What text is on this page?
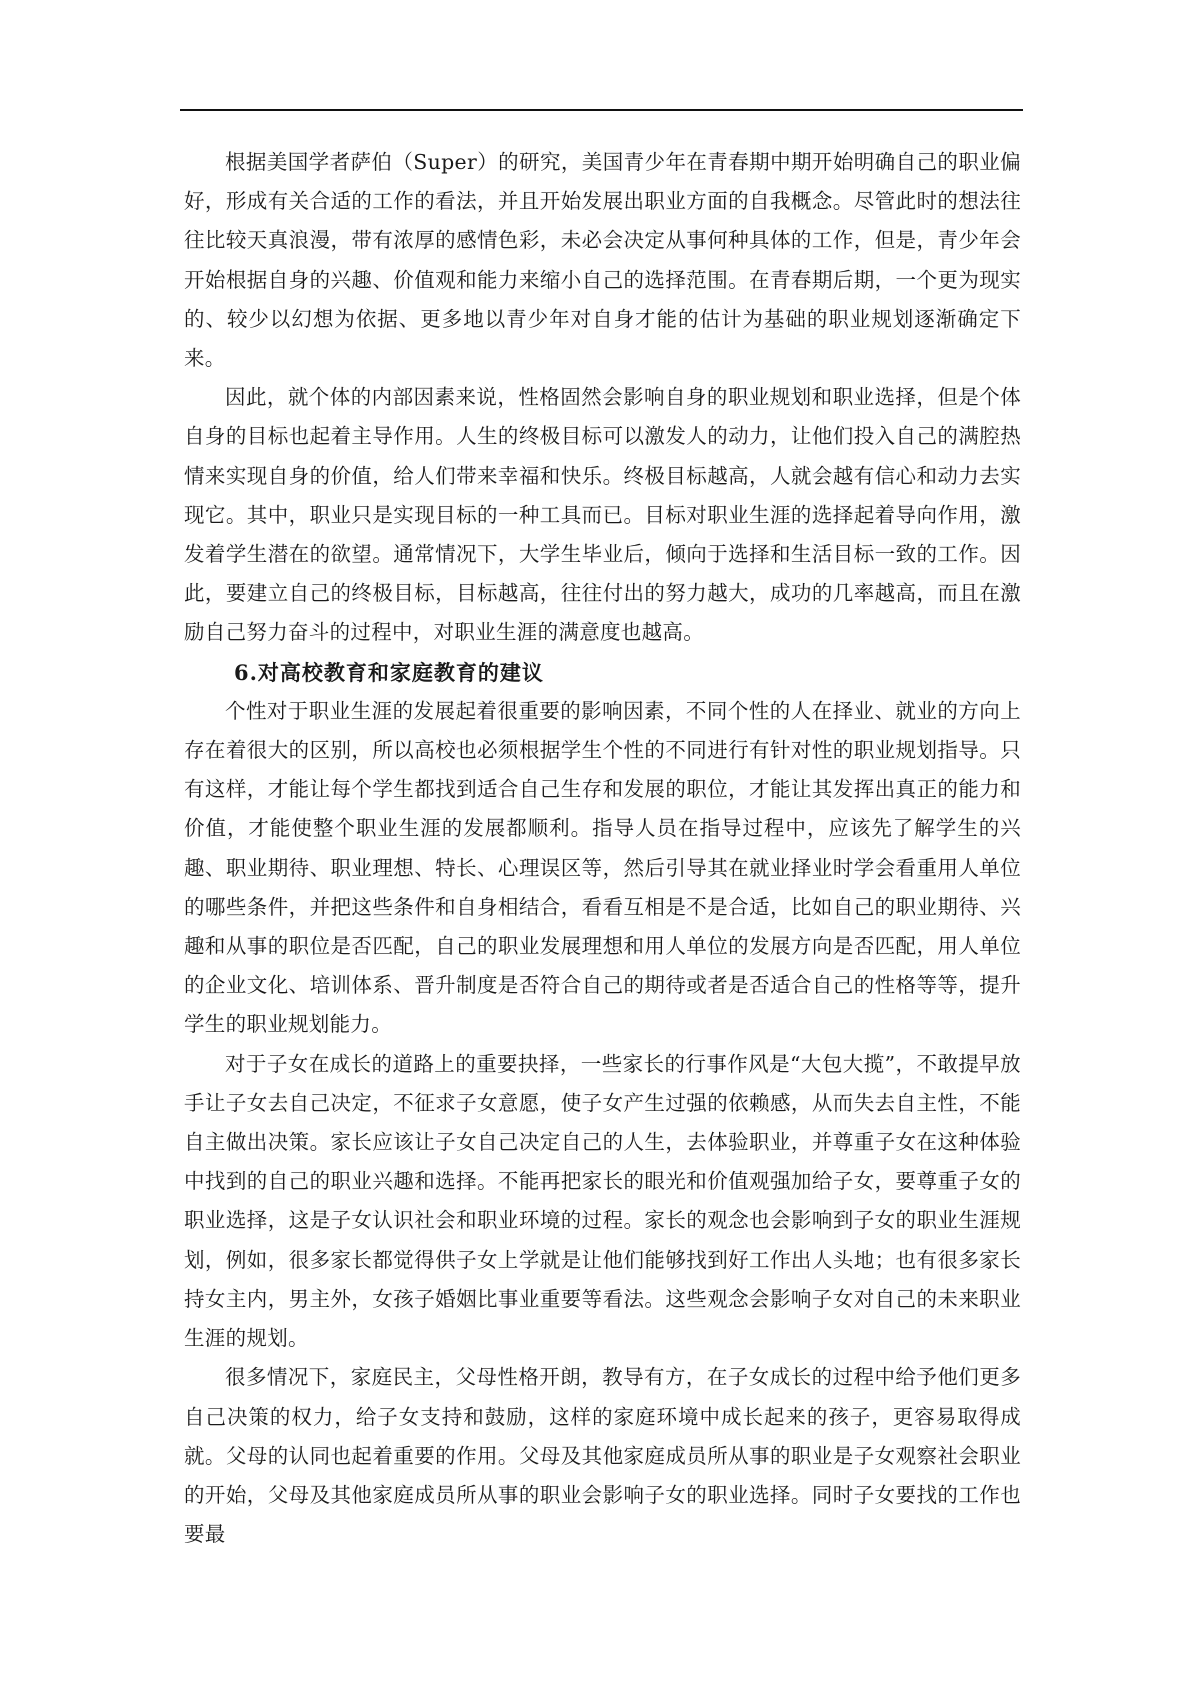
根据美国学者萨伯（Super）的研究，美国青少年在青春期中期开始明确自己的职业偏好，形成有关合适的工作的看法，并且开始发展出职业方面的自我概念。尽管此时的想法往往比较天真浪漫，带有浓厚的感情色彩，未必会决定从事何种具体的工作，但是，青少年会开始根据自身的兴趣、价值观和能力来缩小自己的选择范围。在青春期后期，一个更为现实的、较少以幻想为依据、更多地以青少年对自身才能的估计为基础的职业规划逐渐确定下来。

因此，就个体的内部因素来说，性格固然会影响自身的职业规划和职业选择，但是个体自身的目标也起着主导作用。人生的终极目标可以激发人的动力，让他们投入自己的满腔热情来实现自身的价值，给人们带来幸福和快乐。终极目标越高，人就会越有信心和动力去实现它。其中，职业只是实现目标的一种工具而已。目标对职业生涯的选择起着导向作用，激发着学生潜在的欲望。通常情况下，大学生毕业后，倾向于选择和生活目标一致的工作。因此，要建立自己的终极目标，目标越高，往往付出的努力越大，成功的几率越高，而且在激励自己努力奋斗的过程中，对职业生涯的满意度也越高。

6.对高校教育和家庭教育的建议

个性对于职业生涯的发展起着很重要的影响因素，不同个性的人在择业、就业的方向上存在着很大的区别，所以高校也必须根据学生个性的不同进行有针对性的职业规划指导。只有这样，才能让每个学生都找到适合自己生存和发展的职位，才能让其发挥出真正的能力和价值，才能使整个职业生涯的发展都顺利。指导人员在指导过程中，应该先了解学生的兴趣、职业期待、职业理想、特长、心理误区等，然后引导其在就业择业时学会看重用人单位的哪些条件，并把这些条件和自身相结合，看看互相是不是合适，比如自己的职业期待、兴趣和从事的职位是否匹配，自己的职业发展理想和用人单位的发展方向是否匹配，用人单位的企业文化、培训体系、晋升制度是否符合自己的期待或者是否适合自己的性格等等，提升学生的职业规划能力。

对于子女在成长的道路上的重要抉择，一些家长的行事作风是“大包大揽”，不敢提早放手让子女去自己决定，不征求子女意愿，使子女产生过强的依赖感，从而失去自主性，不能自主做出决策。家长应该让子女自己决定自己的人生，去体验职业，并尊重子女在这种体验中找到的自己的职业兴趣和选择。不能再把家长的眼光和价值观强加给子女，要尊重子女的职业选择，这是子女认识社会和职业环境的过程。家长的观念也会影响到子女的职业生涯规划，例如，很多家长都觉得供子女上学就是让他们能够找到好工作出人头地；也有很多家长持女主内，男主外，女孩子婚姻比事业重要等看法。这些观念会影响子女对自己的未来职业生涯的规划。

很多情况下，家庭民主，父母性格开朗，教导有方，在子女成长的过程中给予他们更多自己决策的权力，给子女支持和鼓励，这样的家庭环境中成长起来的孩子，更容易取得成就。父母的认同也起着重要的作用。父母及其他家庭成员所从事的职业是子女观察社会职业的开始，父母及其他家庭成员所从事的职业会影响子女的职业选择。同时子女要找的工作也要最
